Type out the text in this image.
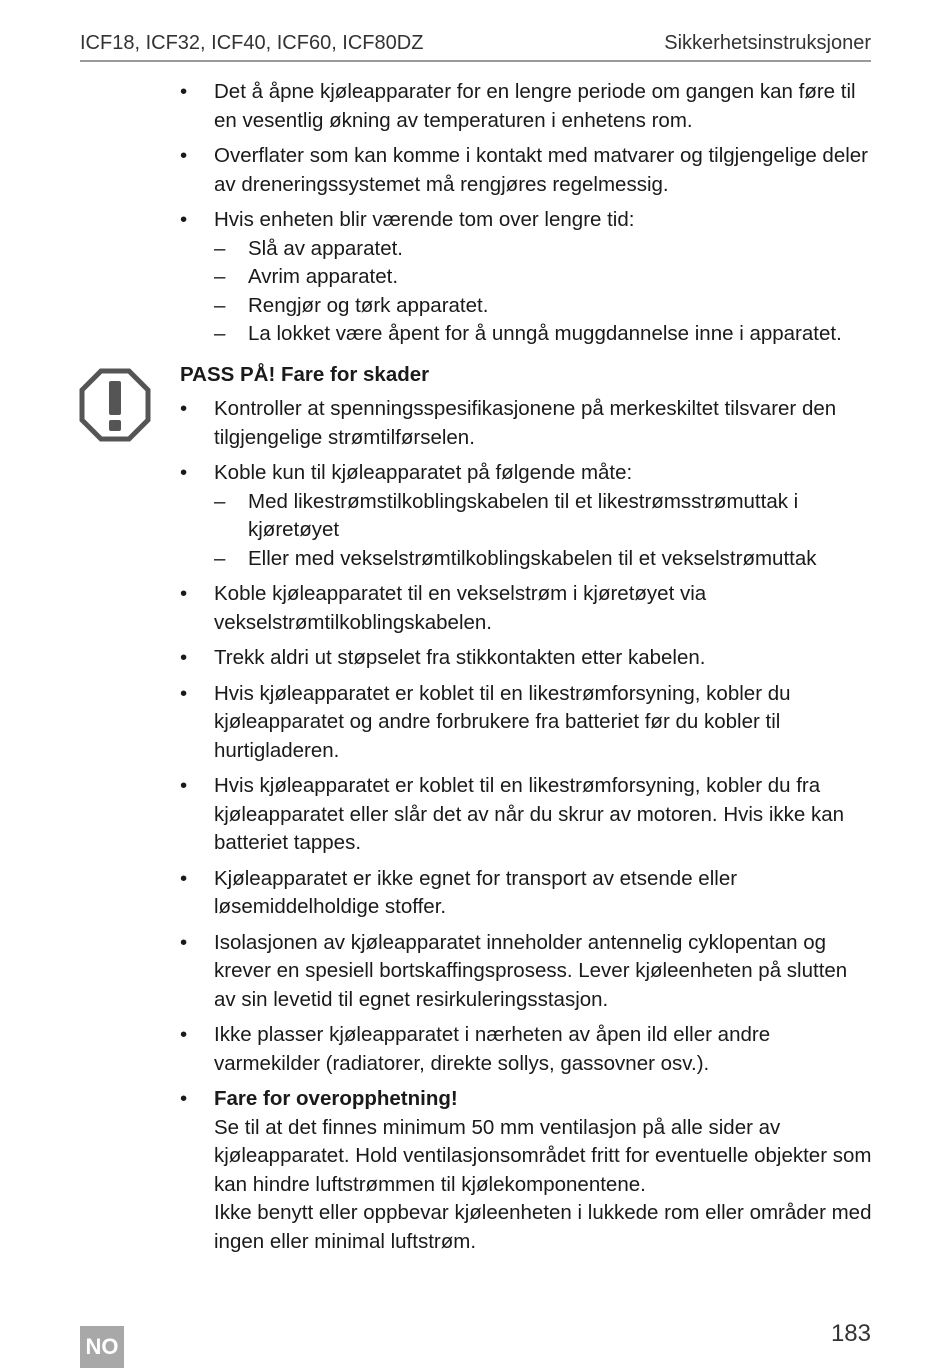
ICF18, ICF32, ICF40, ICF60, ICF80DZ	Sikkerhetsinstruksjoner
• Det å åpne kjøleapparater for en lengre periode om gangen kan føre til en vesentlig økning av temperaturen i enhetens rom.
• Overflater som kan komme i kontakt med matvarer og tilgjengelige deler av dreneringssystemet må rengjøres regelmessig.
• Hvis enheten blir værende tom over lengre tid:
– Slå av apparatet.
– Avrim apparatet.
– Rengjør og tørk apparatet.
– La lokket være åpent for å unngå muggdannelse inne i apparatet.
PASS PÅ! Fare for skader
• Kontroller at spenningsspesifikasjonene på merkeskiltet tilsvarer den tilgjengelige strømtilførselen.
• Koble kun til kjøleapparatet på følgende måte:
– Med likestrømstilkoblingskabelen til et likestrømsstrømuttak i kjøretøyet
– Eller med vekselstrømtilkoblingskabelen til et vekselstrømuttak
• Koble kjøleapparatet til en vekselstrøm i kjøretøyet via vekselstrømtilkoblingskabelen.
• Trekk aldri ut støpselet fra stikkontakten etter kabelen.
• Hvis kjøleapparatet er koblet til en likestrømforsyning, kobler du kjøleapparatet og andre forbrukere fra batteriet før du kobler til hurtigladeren.
• Hvis kjøleapparatet er koblet til en likestrømforsyning, kobler du fra kjøleapparatet eller slår det av når du skrur av motoren. Hvis ikke kan batteriet tappes.
• Kjøleapparatet er ikke egnet for transport av etsende eller løsemiddelholdige stoffer.
• Isolasjonen av kjøleapparatet inneholder antennelig cyklopentan og krever en spesiell bortskaffingsprosess. Lever kjøleenheten på slutten av sin levetid til egnet resirkuleringsstasjon.
• Ikke plasser kjøleapparatet i nærheten av åpen ild eller andre varmekilder (radiatorer, direkte sollys, gassovner osv.).
• Fare for overopphetning!
Se til at det finnes minimum 50 mm ventilasjon på alle sider av kjøleapparatet. Hold ventilasjonsområdet fritt for eventuelle objekter som kan hindre luftstrømmen til kjølekomponentene.
Ikke benytt eller oppbevar kjøleenheten i lukkede rom eller områder med ingen eller minimal luftstrøm.
NO	183
